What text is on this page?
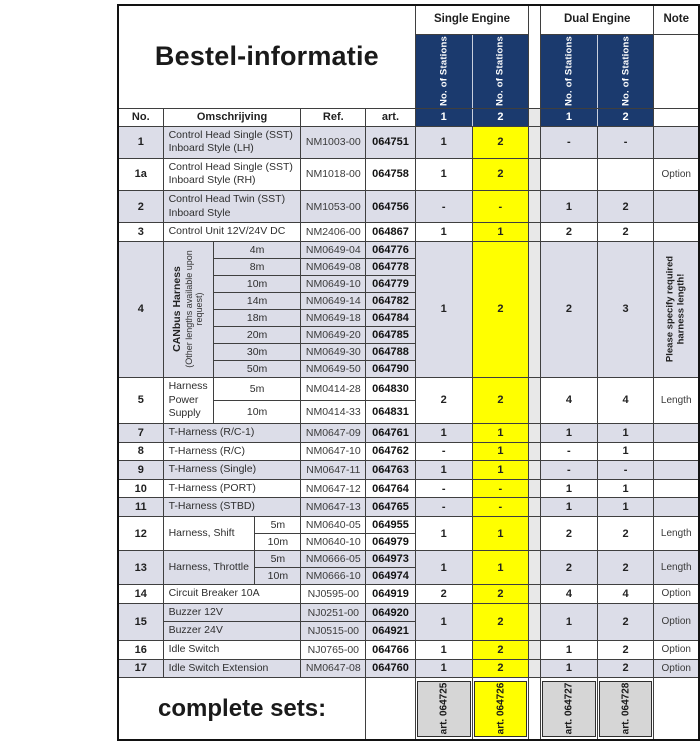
Bestel-informatie						Single Engine			Dual Engine		Note

						No. of Stations	No. of Stations		No. of Stations	No. of Stations	

No.	Omschrijving			Ref.	art.	1	2		1	2	
1	Control Head Single (SST) Inboard Style (LH)			NM1003-00	064751	1	2		-	-	
1a	Control Head Single (SST) Inboard Style (RH)			NM1018-00	064758	1	2				Option
2	Control Head Twin (SST) Inboard Style			NM1053-00	064756	-	-		1	2	
3	Control Unit 12V/24V DC			NM2406-00	064867	1	1		2	2	
4	CANbus Harness (Other lengths available upon request)	4m		NM0649-04	064776	1	2		2	3	Please specify required harness length!

		8m		NM0649-08	064778						
		10m		NM0649-10	064779						
		14m		NM0649-14	064782						
		18m		NM0649-18	064784						
		20m		NM0649-20	064785						
		30m		NM0649-30	064788						
		50m		NM0649-50	064790						
5	Harness Power Supply	5m		NM0414-28	064830	2	2		4	4	Length
		10m		NM0414-33	064831						
7	T-Harness (R/C-1)			NM0647-09	064761	1	1		1	1	
8	T-Harness (R/C)			NM0647-10	064762	-	1		-	1	
9	T-Harness (Single)			NM0647-11	064763	1	1		-	-	
10	T-Harness (PORT)			NM0647-12	064764	-	-		1	1	
11	T-Harness (STBD)			NM0647-13	064765	-	-		1	1	
12	Harness, Shift		5m	NM0640-05	064955	1	1		2	2	Length
			10m	NM0640-10	064979						
13	Harness, Throttle		5m	NM0666-05	064973	1	1		2	2	Length
			10m	NM0666-10	064974						
14	Circuit Breaker 10A			NJ0595-00	064919	2	2		4	4	Option
15	Buzzer 12V			NJ0251-00	064920	1	2		1	2	Option
	Buzzer 24V			NJ0515-00	064921						
16	Idle Switch			NJ0765-00	064766	1	2		1	2	Option
17	Idle Switch Extension			NM0647-08	064760	1	2		1	2	Option
complete sets:						art. 064725	art. 064726		art. 064727	art. 064728	
